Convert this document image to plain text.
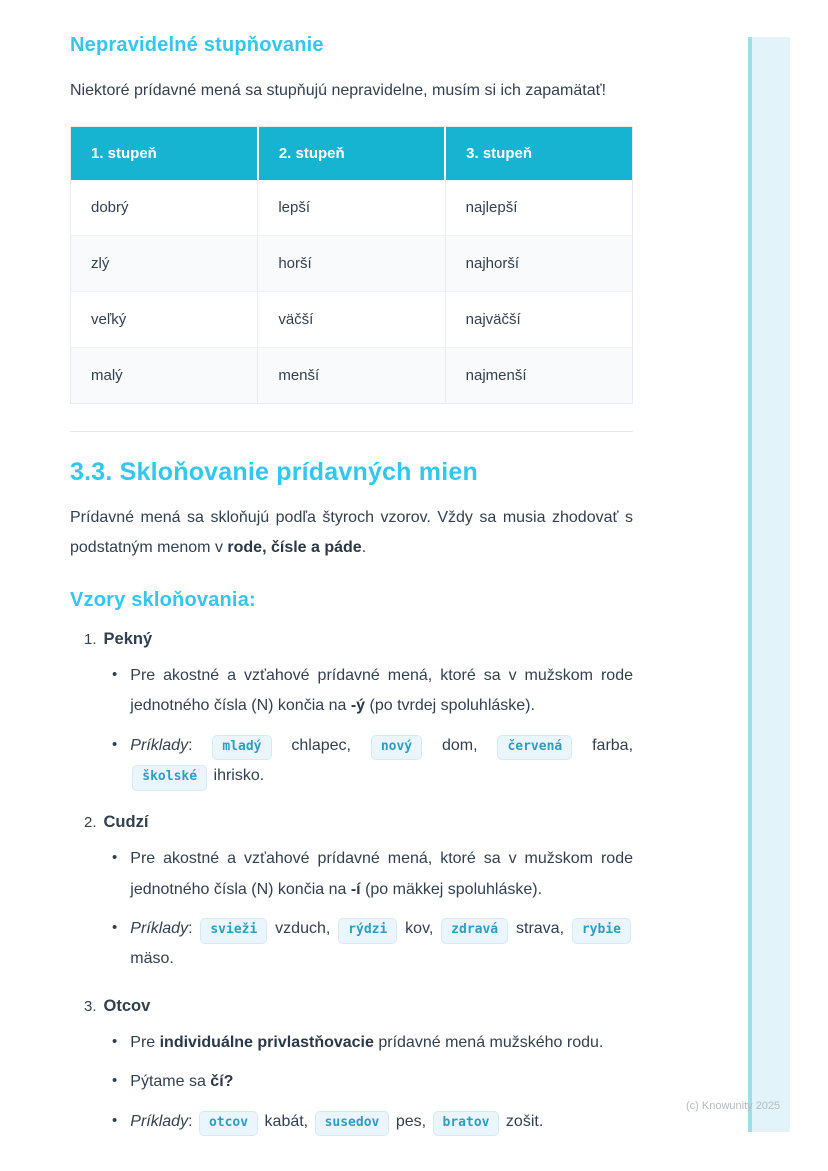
(c) Knowunity 2025
Nepravidelné stupňovanie

Niektoré prídavné mená sa stupňujú nepravidelne, musím si ich zapamätať!

1. stupeň	2. stupeň	3. stupeň
dobrý	lepší	najlepší
zlý	horší	najhorší
veľký	väčší	najväčší
malý	menší	najmenší
3.3. Skloňovanie prídavných mien

Prídavné mená sa skloňujú podľa štyroch vzorov. Vždy sa musia zhodovať s podstatným menom v rode, čísle a páde.

Vzory skloňovania:
1. Pekný
• Pre akostné a vzťahové prídavné mená, ktoré sa v mužskom rode jednotného čísla (N) končia na -ý (po tvrdej spoluhláske).
• Príklady: mladý chlapec, nový dom, červená farba, školské ihrisko.
2. Cudzí
• Pre akostné a vzťahové prídavné mená, ktoré sa v mužskom rode jednotného čísla (N) končia na -í (po mäkkej spoluhláske).
• Príklady: svieži vzduch, rýdzi kov, zdravá strava, rybie mäso.
3. Otcov
• Pre individuálne privlastňovacie prídavné mená mužského rodu.
• Pýtame sa čí?
• Príklady: otcov kabát, susedov pes, bratov zošit.
